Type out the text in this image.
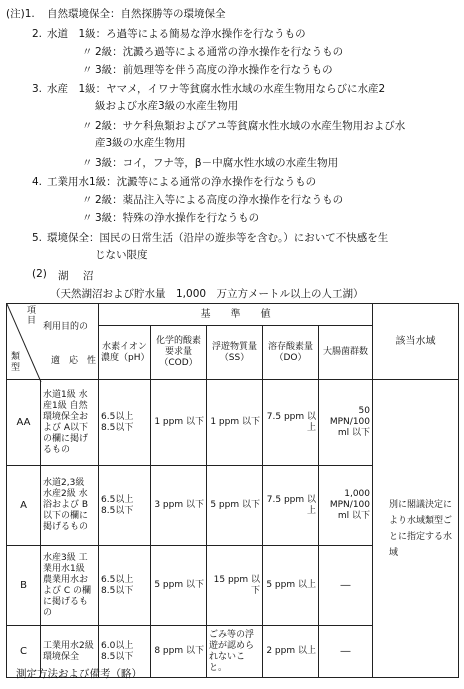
(注)1. 自然環境保全：自然探勝等の環境保全
2. 水道　1級：ろ過等による簡易な浄水操作を行なうもの
〃 2級：沈澱ろ過等による通常の浄水操作を行なうもの
〃 3級：前処理等を伴う高度の浄水操作を行なうもの
3. 水産　1級：ヤマメ，イワナ等貧腐水性水域の水産生物用ならびに水産2
級および水産3級の水産生物用
〃 2級：サケ科魚類およびアユ等貧腐水性水域の水産生物用および水
産3級の水産生物用
〃 3級：コイ，フナ等，β－中腐水性水域の水産生物用
4. 工業用水1級：沈澱等による通常の浄水操作を行なうもの
〃 2級：薬品注入等による高度の浄水操作を行なうもの
〃 3級：特殊の浄水操作を行なうもの
5. 環境保全：国民の日常生活（沿岸の遊歩等を含む。）において不快感を生
じない限度
(2) 湖　沼
（天然湖沼および貯水量　1,000　万立方メートル以上の人工湖）
項目
利用目的の
適　応　性
類型		基　　準　　値					該当水域
		水素イオン濃度（pH）	化学的酸素要求量（COD）	浮遊物質量（SS）	溶存酸素量（DO）	大腸菌群数	
AA	水道1級 水産1級 自然環境保全および A以下の欄に掲げるもの	6.5以上 8.5以下	1 ppm 以下	1 ppm 以下	7.5 ppm 以上	50 MPN/100 ml 以下	別に閣議決定により水域類型ごとに指定する水域
A	水道2,3級 水産2級 水浴および B以下の欄に掲げるもの	6.5以上 8.5以下	3 ppm 以下	5 ppm 以下	7.5 ppm 以上	1,000 MPN/100 ml 以下	
B	水産3級 工業用水1級 農業用水および C の欄に掲げるもの	6.5以上 8.5以下	5 ppm 以下	15 ppm 以下	5 ppm 以上	―	
C	工業用水2級 環境保全	6.0以上 8.5以下	8 ppm 以下	ごみ等の浮遊が認められないこと。	2 ppm 以上	―	
測定方法および備考（略）
